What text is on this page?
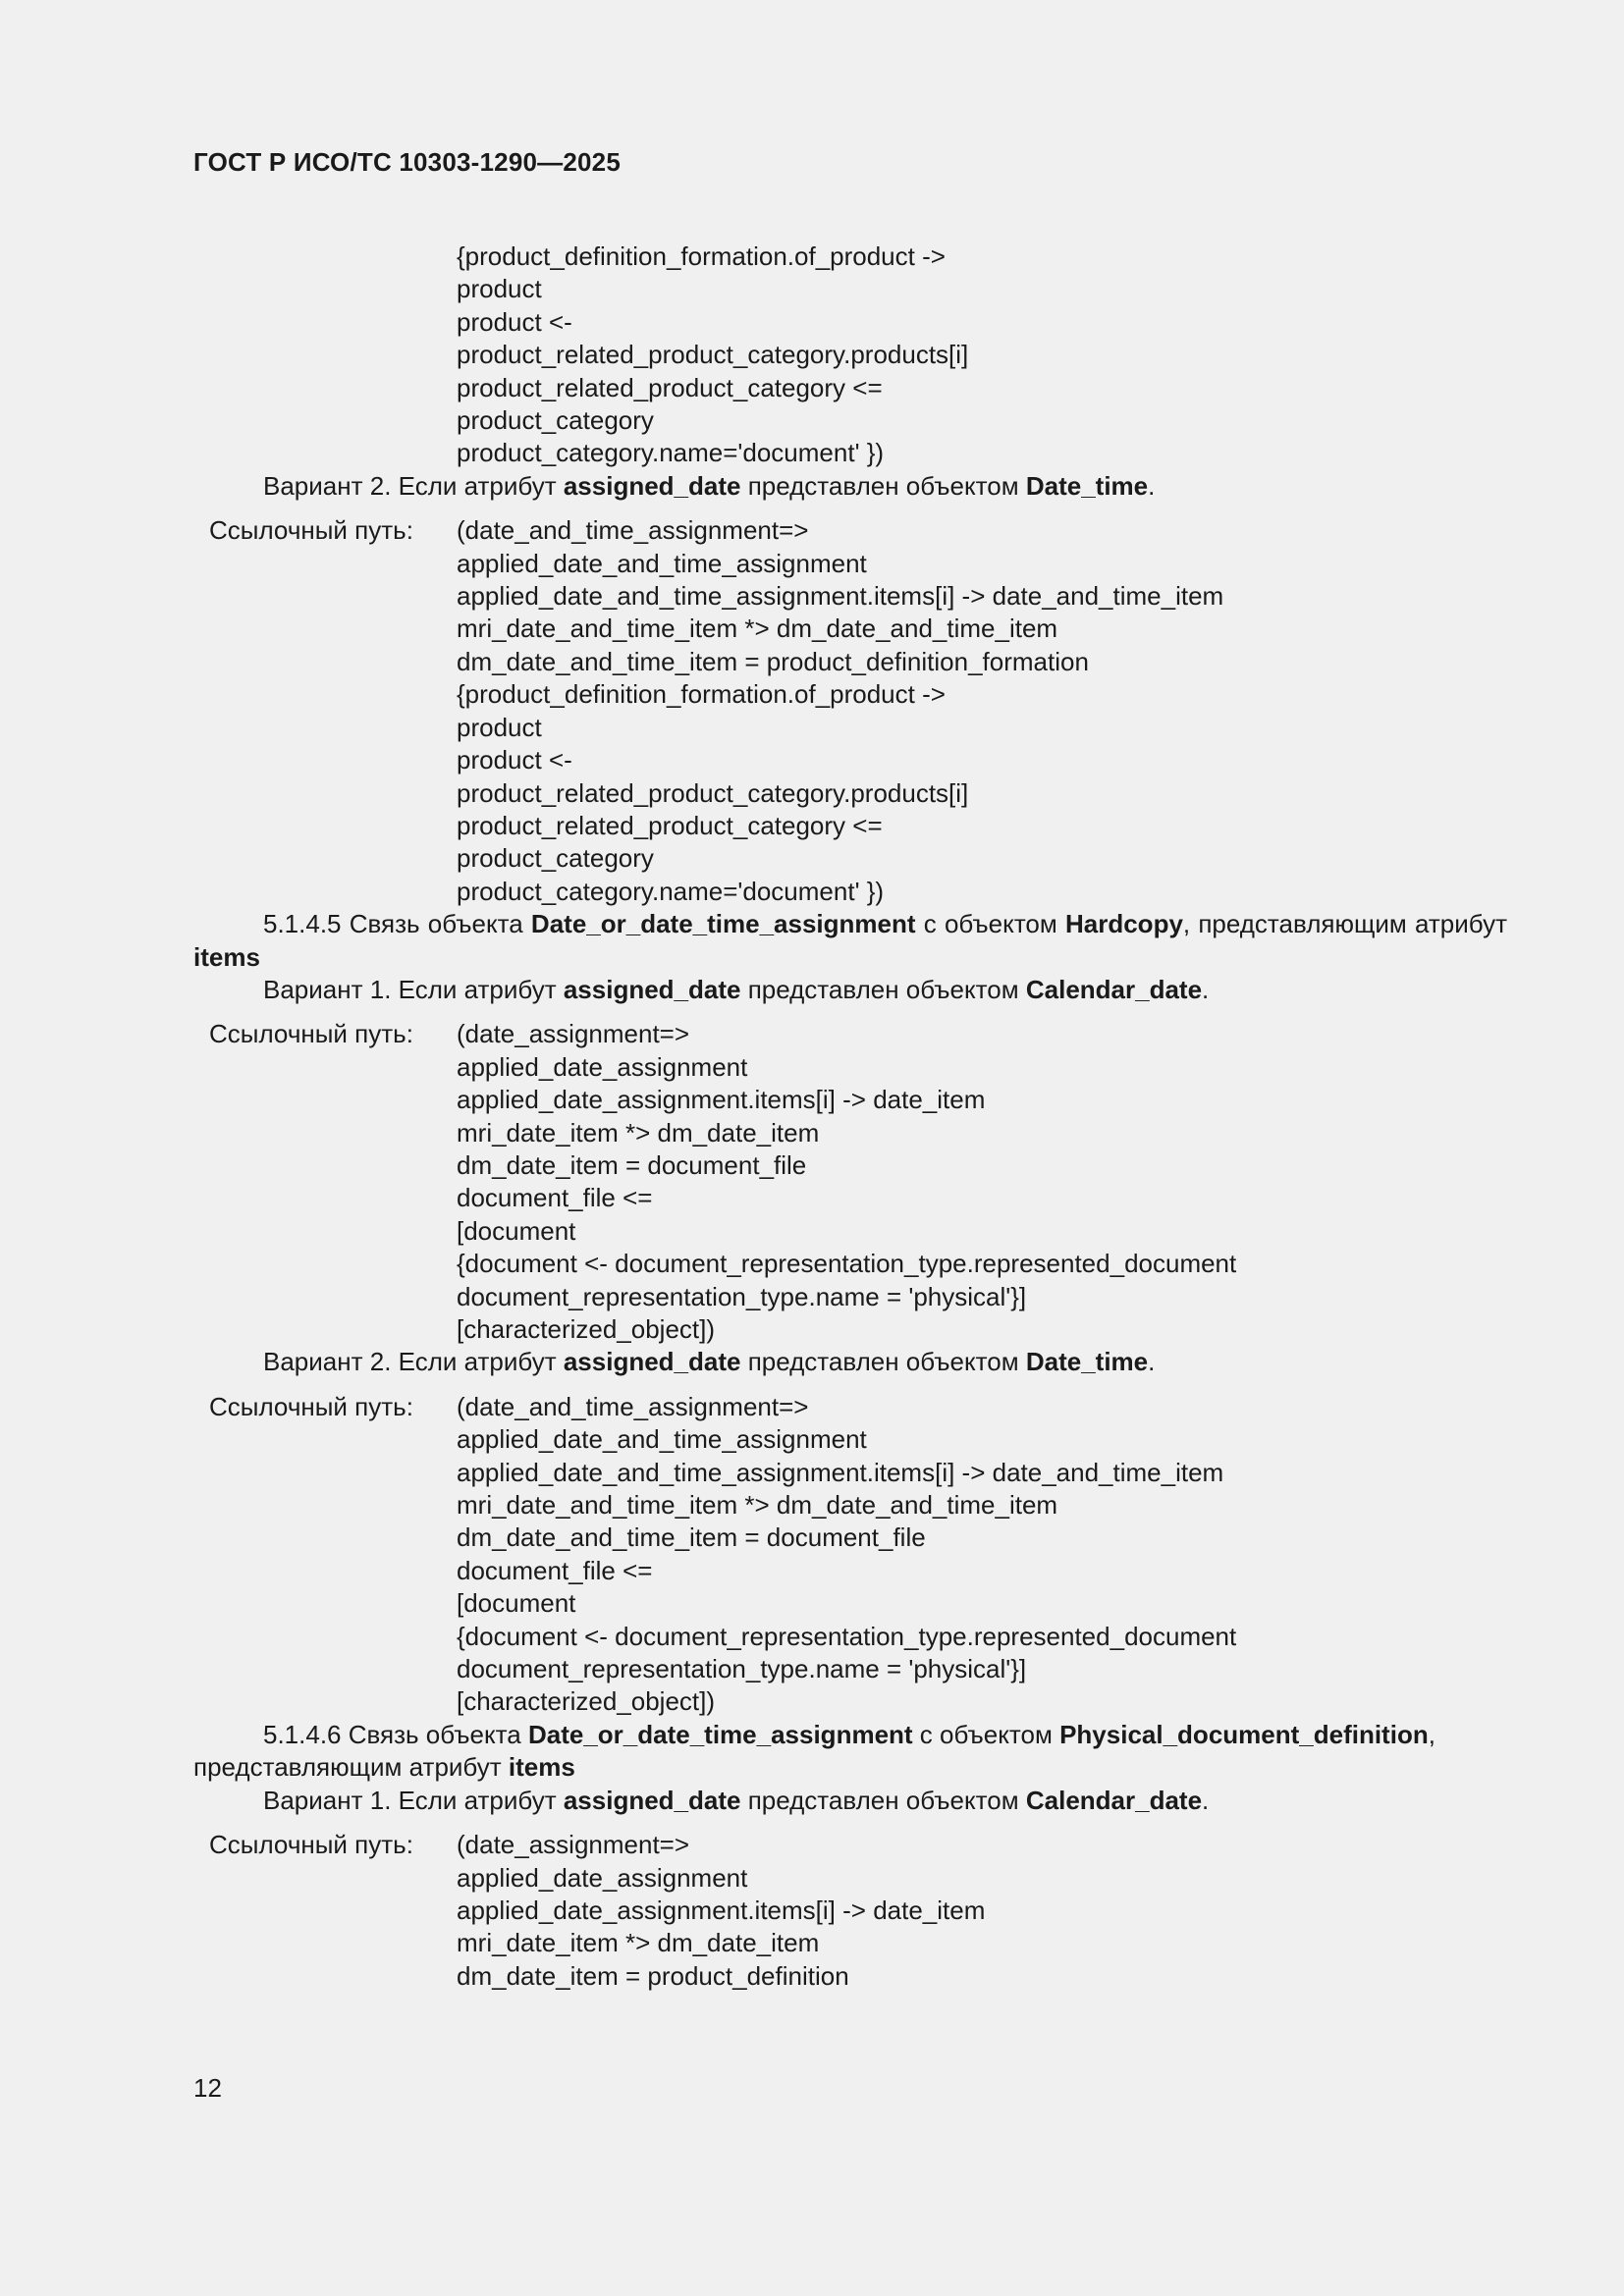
ГОСТ Р ИСО/ТС 10303-1290—2025
{product_definition_formation.of_product ->
product
product <-
product_related_product_category.products[i]
product_related_product_category <=
product_category
product_category.name='document' })

Вариант 2. Если атрибут assigned_date представлен объектом Date_time.

Ссылочный путь:	(date_and_time_assignment=>
applied_date_and_time_assignment
applied_date_and_time_assignment.items[i] -> date_and_time_item
mri_date_and_time_item *> dm_date_and_time_item
dm_date_and_time_item = product_definition_formation
{product_definition_formation.of_product ->
product
product <-
product_related_product_category.products[i]
product_related_product_category <=
product_category
product_category.name='document' })

5.1.4.5 Связь объекта Date_or_date_time_assignment с объектом Hardcopy, представляющим атрибут items

Вариант 1. Если атрибут assigned_date представлен объектом Calendar_date.

Ссылочный путь:	(date_assignment=>
applied_date_assignment
applied_date_assignment.items[i] -> date_item
mri_date_item *> dm_date_item
dm_date_item = document_file
document_file <=
[document
{document <- document_representation_type.represented_document
document_representation_type.name = 'physical'}]
[characterized_object])

Вариант 2. Если атрибут assigned_date представлен объектом Date_time.

Ссылочный путь:	(date_and_time_assignment=>
applied_date_and_time_assignment
applied_date_and_time_assignment.items[i] -> date_and_time_item
mri_date_and_time_item *> dm_date_and_time_item
dm_date_and_time_item = document_file
document_file <=
[document
{document <- document_representation_type.represented_document
document_representation_type.name = 'physical'}]
[characterized_object])

5.1.4.6 Связь объекта Date_or_date_time_assignment с объектом Physical_document_definition, представляющим атрибут items

Вариант 1. Если атрибут assigned_date представлен объектом Calendar_date.

Ссылочный путь:	(date_assignment=>
applied_date_assignment
applied_date_assignment.items[i] -> date_item
mri_date_item *> dm_date_item
dm_date_item = product_definition
12
